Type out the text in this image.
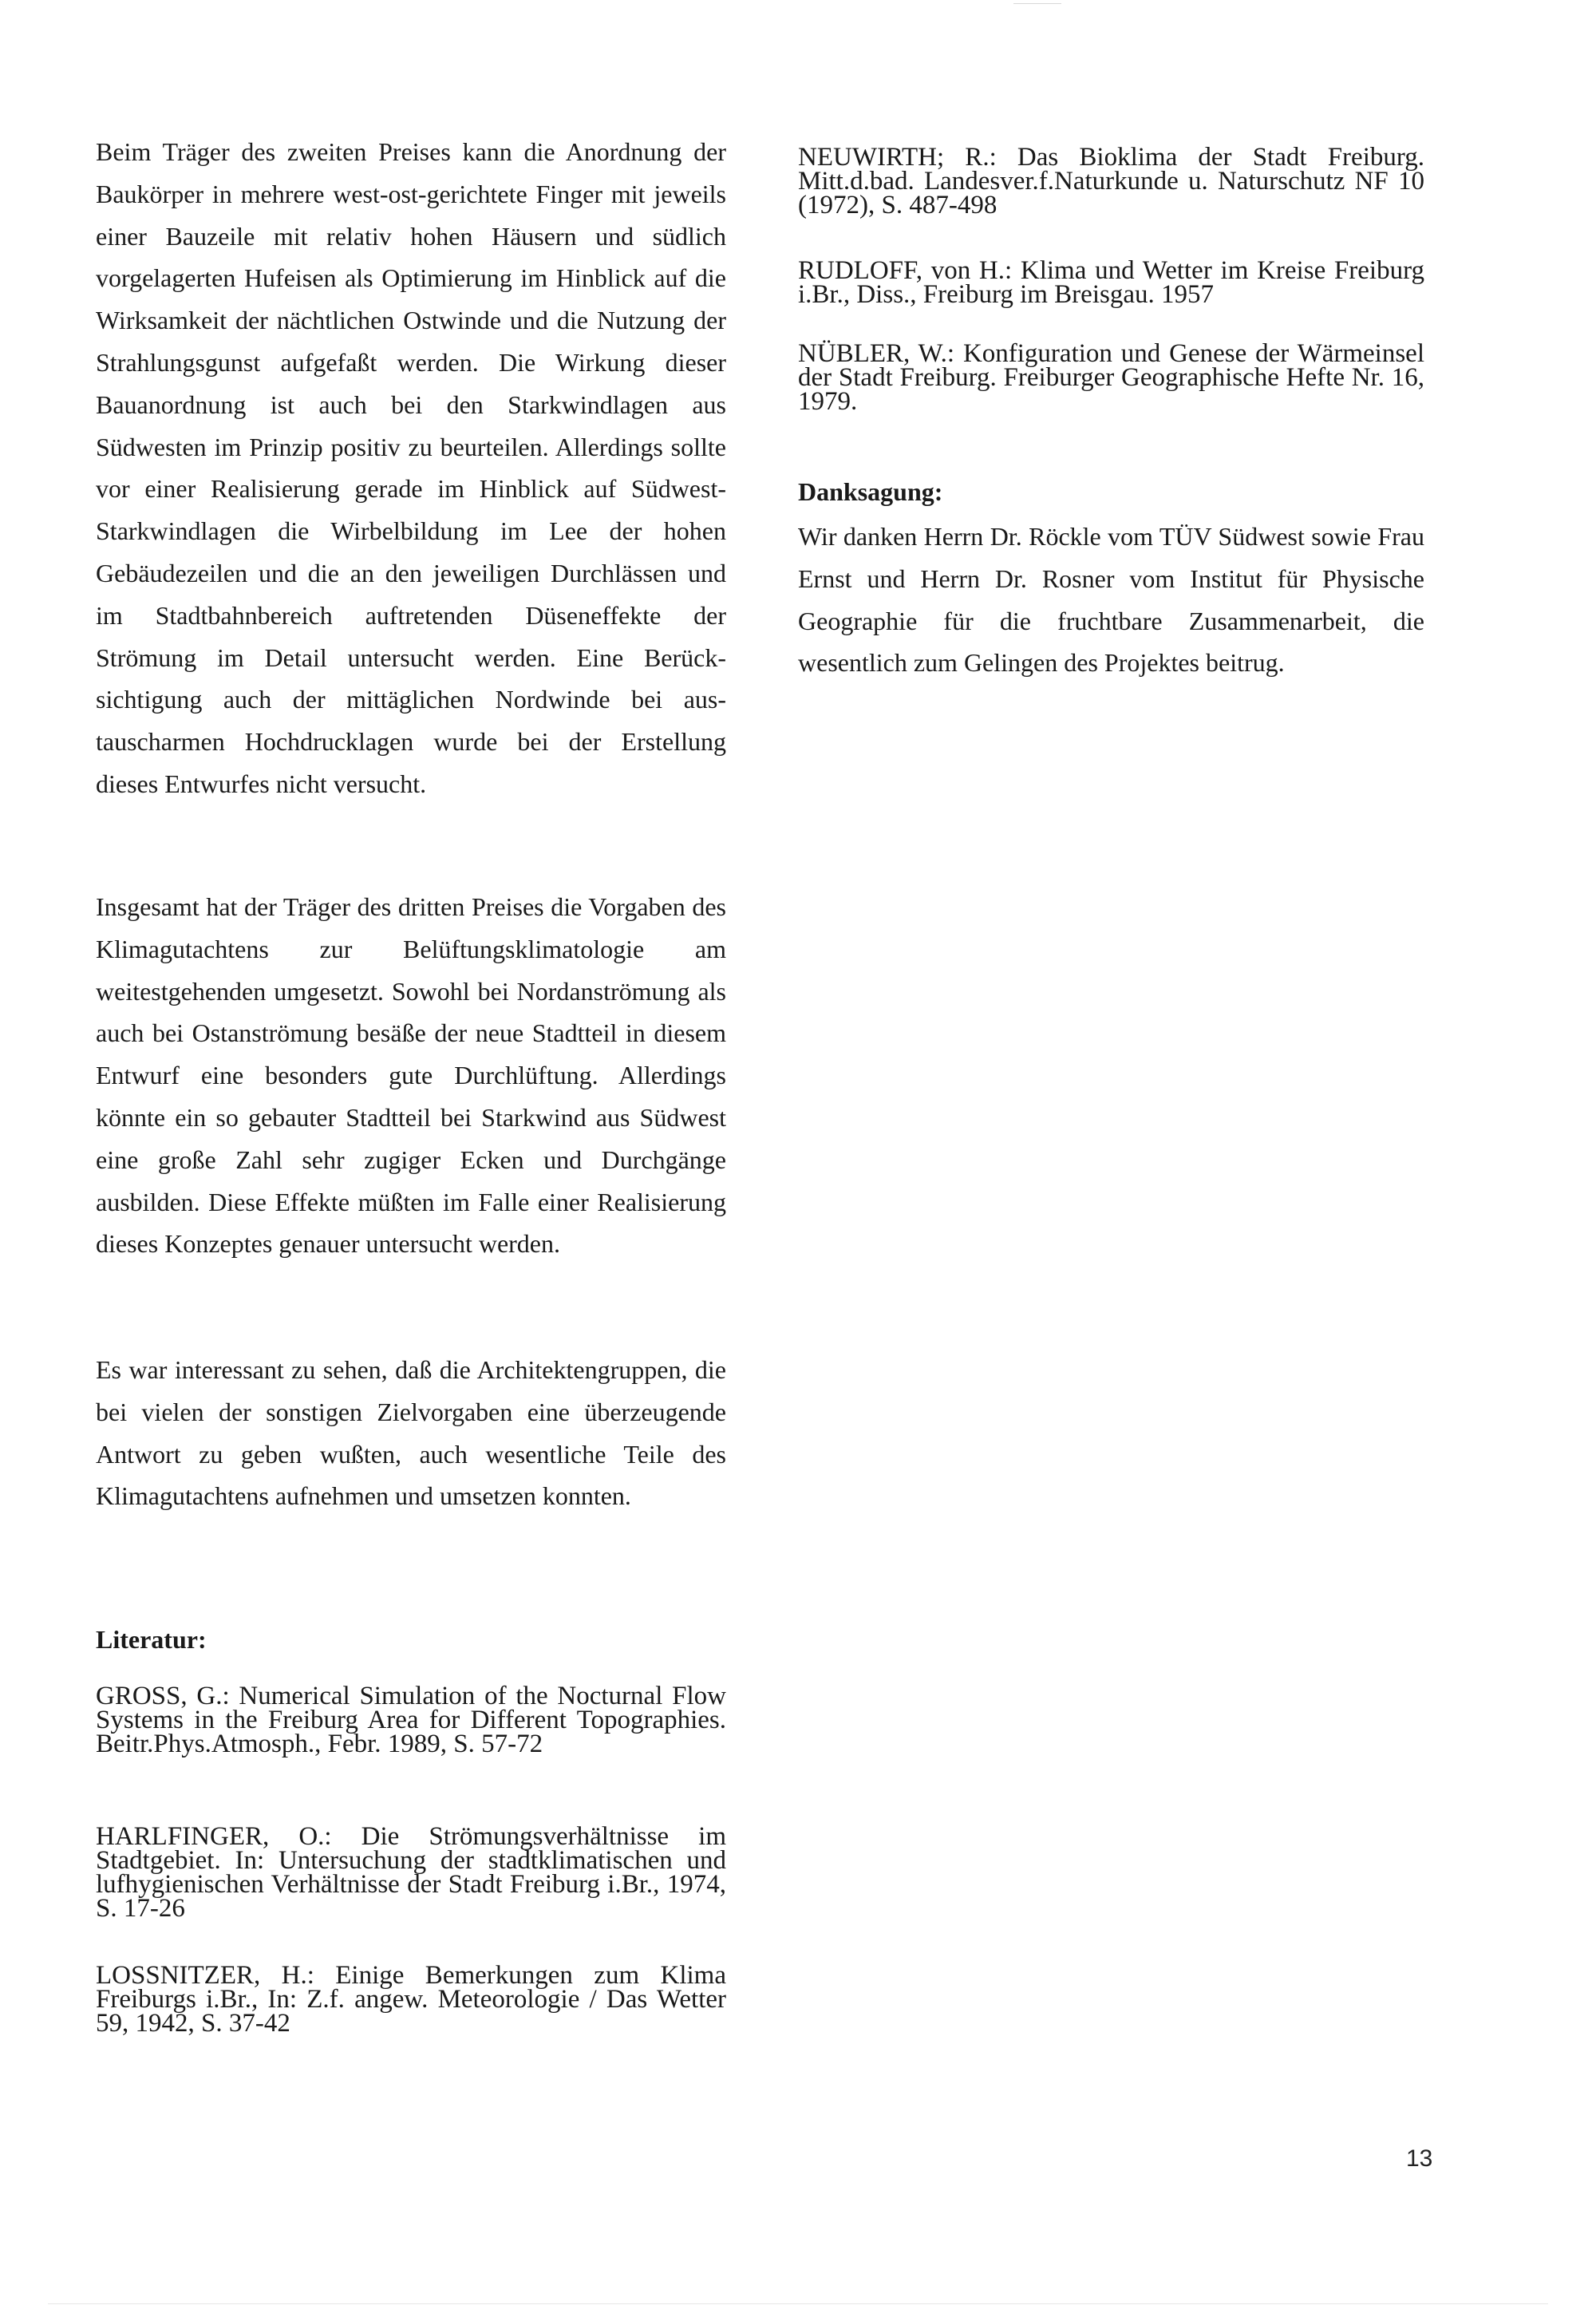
Beim Träger des zweiten Preises kann die Anordnung der Baukörper in mehrere west-ost-gerichtete Finger mit jeweils einer Bauzeile mit relativ hohen Häusern und südlich vorgelagerten Hufeisen als Optimierung im Hinblick auf die Wirksamkeit der nächtlichen Ostwinde und die Nutzung der Strahlungsgunst aufgefaßt werden. Die Wirkung dieser Bauanordnung ist auch bei den Starkwindlagen aus Südwesten im Prinzip positiv zu beurteilen. Allerdings sollte vor einer Realisierung gerade im Hinblick auf Südwest-Starkwindlagen die Wirbelbildung im Lee der hohen Gebäudezeilen und die an den jeweiligen Durchlässen und im Stadtbahnbereich auftretenden Düseneffekte der Strömung im Detail untersucht werden. Eine Berücksichtigung auch der mittäglichen Nordwinde bei austauscharmen Hochdrucklagen wurde bei der Erstellung dieses Entwurfes nicht versucht.

Insgesamt hat der Träger des dritten Preises die Vorgaben des Klimagutachtens zur Belüftungsklimatologie am weitestgehenden umgesetzt. Sowohl bei Nordanströmung als auch bei Ostanströmung besäße der neue Stadtteil in diesem Entwurf eine besonders gute Durchlüftung. Allerdings könnte ein so gebauter Stadtteil bei Starkwind aus Südwest eine große Zahl sehr zugiger Ecken und Durchgänge ausbilden. Diese Effekte müßten im Falle einer Realisierung dieses Konzeptes genauer untersucht werden.

Es war interessant zu sehen, daß die Architektengruppen, die bei vielen der sonstigen Zielvorgaben eine überzeugende Antwort zu geben wußten, auch wesentliche Teile des Klimagutachtens aufnehmen und umsetzen konnten.

Literatur:

GROSS, G.: Numerical Simulation of the Nocturnal Flow Systems in the Freiburg Area for Different Topographies. Beitr.Phys.Atmosph., Febr. 1989, S. 57-72

HARLFINGER, O.: Die Strömungsverhältnisse im Stadtgebiet. In: Untersuchung der stadtklimatischen und lufhygienischen Verhältnisse der Stadt Freiburg i.Br., 1974, S. 17-26

LOSSNITZER, H.: Einige Bemerkungen zum Klima Freiburgs i.Br., In: Z.f. angew. Meteorologie / Das Wetter 59, 1942, S. 37-42

NEUWIRTH; R.: Das Bioklima der Stadt Freiburg. Mitt.d.bad. Landesver.f.Naturkunde u. Naturschutz NF 10 (1972), S. 487-498

RUDLOFF, von H.: Klima und Wetter im Kreise Freiburg i.Br., Diss., Freiburg im Breisgau. 1957

NÜBLER, W.: Konfiguration und Genese der Wärmeinsel der Stadt Freiburg. Freiburger Geographische Hefte Nr. 16, 1979.

Danksagung:

Wir danken Herrn Dr. Röckle vom TÜV Südwest sowie Frau Ernst und Herrn Dr. Rosner vom Institut für Physische Geographie für die fruchtbare Zusammenarbeit, die wesentlich zum Gelingen des Projektes beitrug.

13
